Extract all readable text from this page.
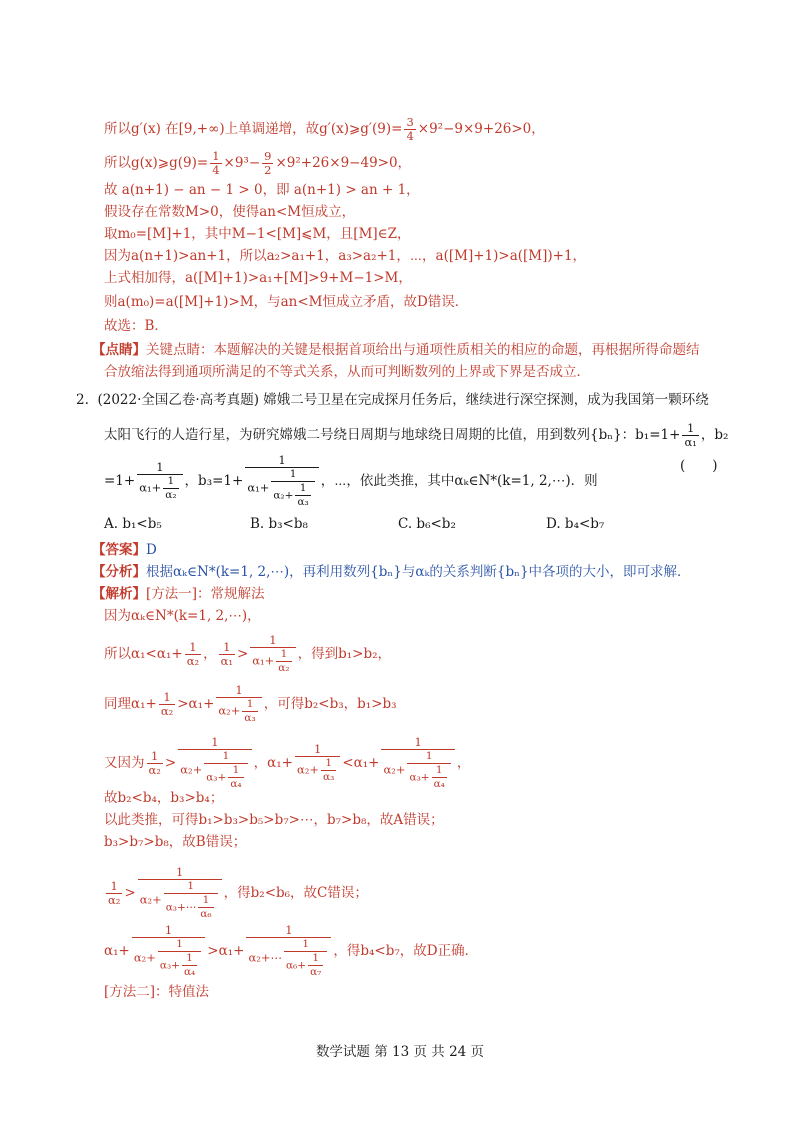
所以g′(x) 在[9,+∞)上单调递增，故g′(x)⩾g′(9)= $\frac{3}{4} \times 9^2-9\times 9+26>0$，
所以g(x)⩾g(9)= $\frac{1}{4} \times 9^3- \frac{9}{2} \times 9^2+26\times 9-49>0$，
故 a(n+1) − an − 1 > 0，即 a(n+1) > an + 1，
假设存在常数M>0，使得an<M恒成立，
取m₀=[M]+1，其中M−1<[M]⩽M，且[M]∈Z，
因为a(n+1)>an+1，所以a₂>a₁+1，a₃>a₂+1，⋯，a([M]+1)>a([M])+1，
上式相加得，a([M]+1)>a₁+[M]>9+M−1>M，
则a(m₀)=a([M]+1)>M，与an<M恒成立矛盾，故D错误．
故选：B．
【点睛】关键点睛：本题解决的关键是根据首项给出与通项性质相关的相应的命题，再根据所得命题结
合放缩法得到通项所满足的不等式关系，从而可判断数列的上界或下界是否成立．
2. (2022·全国乙卷·高考真题) 嫦娥二号卫星在完成探月任务后，继续进行深空探测，成为我国第一颗环绕
太阳飞行的人造行星，为研究嫦娥二号绕日周期与地球绕日周期的比值，用到数列{bₙ}：$b_1=1+ \frac{1}{\text{α₁}}$ ，b₂
$=1+ \frac{1}{\alpha_1+ \frac{1}{\text{α₂}}}$ ，$b_3=1+ \frac{1}{\alpha_1+ \frac{1}{\alpha_2+ \frac{1}{\text{α₃}}}}$ ，⋯，依此类推，其中αₖ∈N*(k=1, 2,⋯)．则
(　　)
A. b₁<b₅	B. b₃<b₈	C. b₆<b₂	D. b₄<b₇
【答案】D
【分析】根据αₖ∈N*(k=1, 2,⋯)，再利用数列{bₙ}与αₖ的关系判断{bₙ}中各项的大小，即可求解．
【解析】[方法一]：常规解法
因为αₖ∈N*(k=1, 2,⋯)，
所以$\alpha_1<\alpha_1+ \frac{1}{\text{α₂}}$ ， $\frac{1}{\text{α₁}} > \frac{1}{\alpha_1+ \frac{1}{\text{α₂}}}$ ，得到b₁>b₂，
同理$\alpha_1+ \frac{1}{\text{α₂}} >\alpha_1+ \frac{1}{\alpha_2+ \frac{1}{\text{α₃}}}$ ，可得b₂<b₃，b₁>b₃
又因为 $\frac{1}{\text{α₂}} > \frac{1}{\alpha_2+ \frac{1}{\alpha_3+ \frac{1}{\text{α₄}}}}$ ，$\alpha_1+ \frac{1}{\alpha_2+ \frac{1}{\text{α₃}}} <\alpha_1+ \frac{1}{\alpha_2+ \frac{1}{\alpha_3+ \frac{1}{\text{α₄}}}}$ ，
故b₂<b₄，b₃>b₄；
以此类推，可得b₁>b₃>b₅>b₇>⋯，b₇>b₈，故A错误；
b₃>b₇>b₈，故B错误；
$\frac{1}{\text{α₂}} > \frac{1}{\alpha_2+ \frac{1}{\alpha_3+\cdots \frac{1}{\text{α₆}}}}$ ，得b₂<b₆，故C错误；
$\alpha_1+ \frac{1}{\alpha_2+ \frac{1}{\alpha_3+ \frac{1}{\text{α₄}}}} >\alpha_1+ \frac{1}{\alpha_2+\cdots \frac{1}{\alpha_6+ \frac{1}{\text{α₇}}}}$ ，得b₄<b₇，故D正确．
[方法二]：特值法
数学试题 第 13 页 共 24 页
